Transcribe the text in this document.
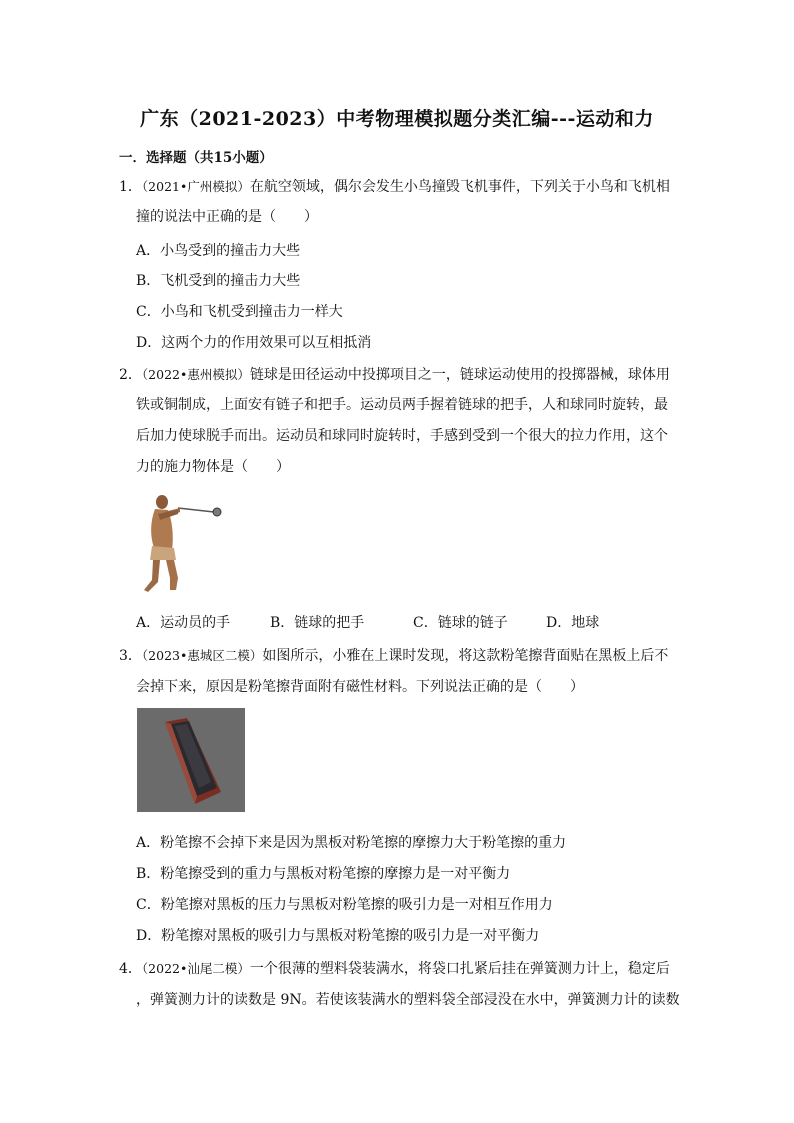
广东（2021-2023）中考物理模拟题分类汇编---运动和力
一．选择题（共15小题）
1．（2021•广州模拟）在航空领域，偶尔会发生小鸟撞毁飞机事件，下列关于小鸟和飞机相
撞的说法中正确的是（　　）
A．小鸟受到的撞击力大些
B．飞机受到的撞击力大些
C．小鸟和飞机受到撞击力一样大
D．这两个力的作用效果可以互相抵消
2．（2022•惠州模拟）链球是田径运动中投掷项目之一，链球运动使用的投掷器械，球体用
铁或铜制成，上面安有链子和把手。运动员两手握着链球的把手，人和球同时旋转，最
后加力使球脱手而出。运动员和球同时旋转时，手感到受到一个很大的拉力作用，这个
力的施力物体是（　　）
A．运动员的手	B．链球的把手	C．链球的链子	D．地球
3．（2023•惠城区二模）如图所示，小雅在上课时发现，将这款粉笔擦背面贴在黑板上后不
会掉下来，原因是粉笔擦背面附有磁性材料。下列说法正确的是（　　）
A．粉笔擦不会掉下来是因为黑板对粉笔擦的摩擦力大于粉笔擦的重力
B．粉笔擦受到的重力与黑板对粉笔擦的摩擦力是一对平衡力
C．粉笔擦对黑板的压力与黑板对粉笔擦的吸引力是一对相互作用力
D．粉笔擦对黑板的吸引力与黑板对粉笔擦的吸引力是一对平衡力
4．（2022•汕尾二模）一个很薄的塑料袋装满水，将袋口扎紧后挂在弹簧测力计上，稳定后
，弹簧测力计的读数是 9N。若使该装满水的塑料袋全部浸没在水中，弹簧测力计的读数
